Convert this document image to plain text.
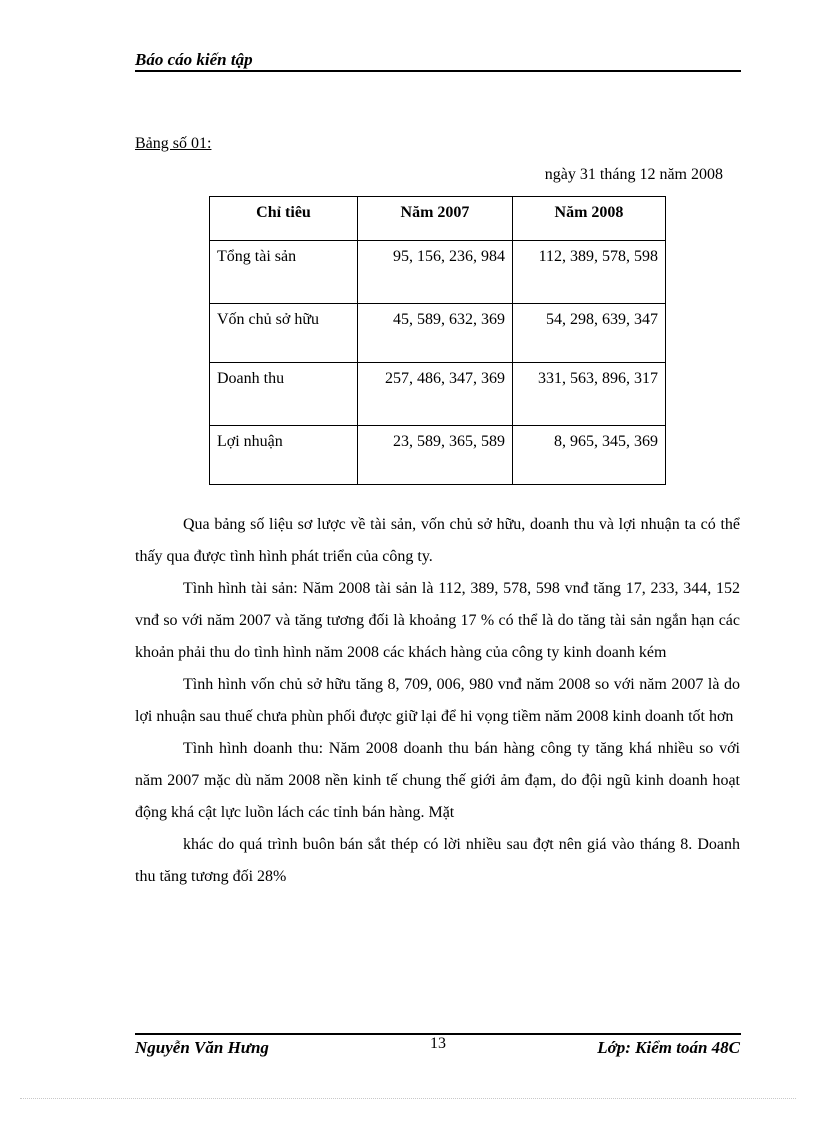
Báo cáo kiến tập
Bảng số 01:
ngày 31 tháng 12 năm 2008
Chỉ tiêu	Năm 2007	Năm 2008
Tổng tài sản	95, 156, 236, 984	112, 389, 578, 598
Vốn chủ sở hữu	45, 589, 632, 369	54, 298, 639, 347
Doanh thu	257, 486, 347, 369	331, 563, 896, 317
Lợi nhuận	23, 589, 365, 589	8, 965, 345, 369

Qua bảng số liệu sơ lược về tài sản, vốn chủ sở hữu, doanh thu và lợi nhuận ta có thể thấy qua được tình hình phát triển của công ty.

Tình hình tài sản: Năm 2008 tài sản là 112, 389, 578, 598 vnđ tăng 17, 233, 344, 152 vnđ so với năm 2007 và tăng tương đối là khoảng 17 % có thể là do tăng tài sản ngắn hạn các khoản phải thu do tình hình năm 2008 các khách hàng của công ty kinh doanh kém

Tình hình vốn chủ sở hữu tăng 8, 709, 006, 980 vnđ năm 2008 so với năm 2007 là do lợi nhuận sau thuế chưa phùn phối được giữ lại để hi vọng tiềm năm 2008 kinh doanh tốt hơn

Tình hình doanh thu: Năm 2008 doanh thu bán hàng công ty tăng khá nhiều so với năm 2007 mặc dù năm 2008 nền kinh tế chung thế giới ảm đạm, do đội ngũ kinh doanh hoạt động khá cật lực luồn lách các tỉnh bán hàng. Mặt

khác do quá trình buôn bán sắt thép có lời nhiều sau đợt nên giá vào tháng 8. Doanh thu tăng tương đối 28%

Nguyễn Văn Hưng	13	Lớp: Kiểm toán 48C
